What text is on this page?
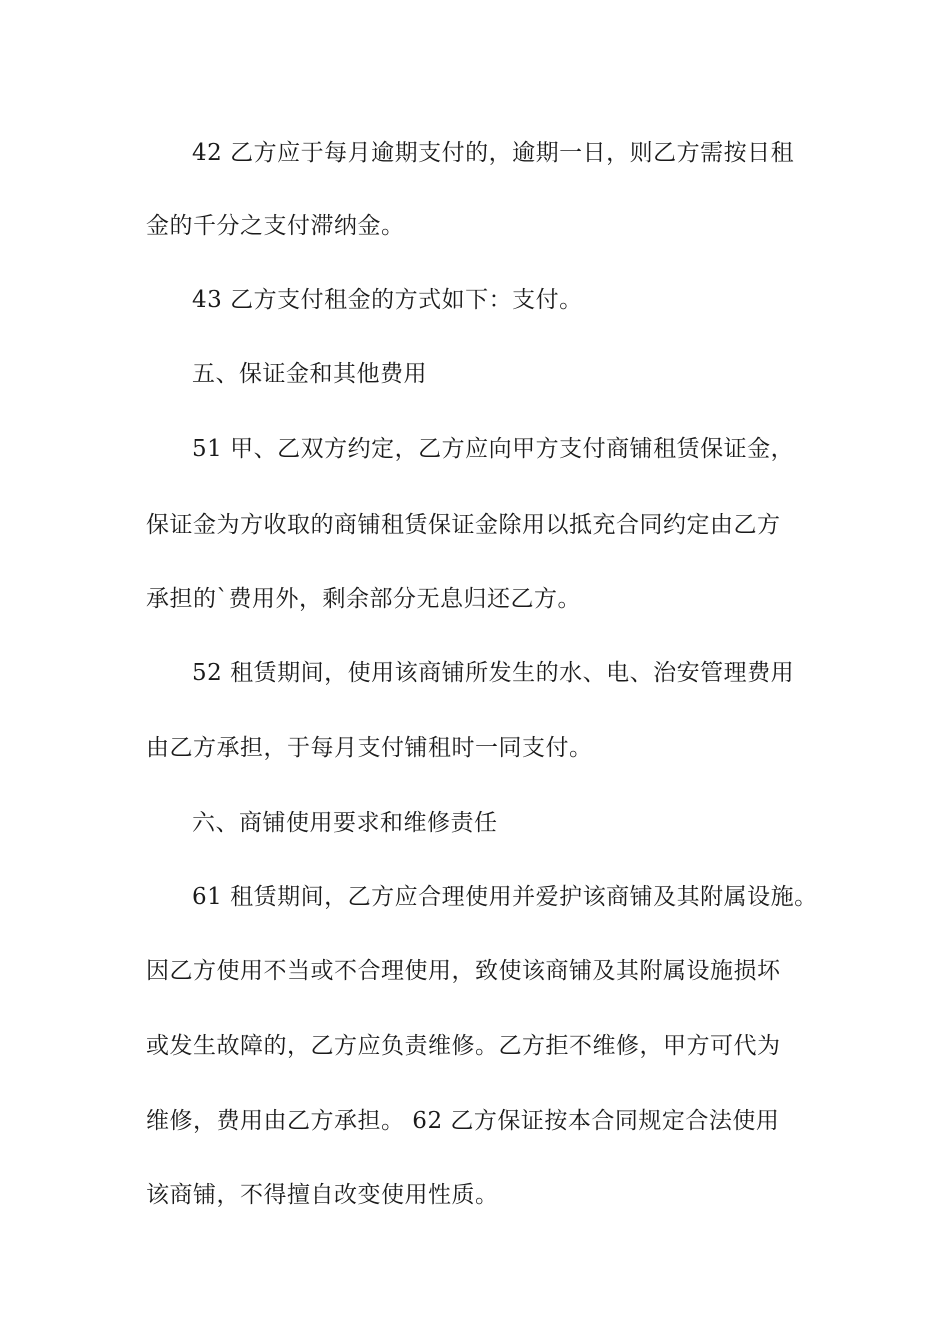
42 乙方应于每月逾期支付的，逾期一日，则乙方需按日租
金的千分之支付滞纳金。
43 乙方支付租金的方式如下：支付。
五、保证金和其他费用
51 甲、乙双方约定，乙方应向甲方支付商铺租赁保证金，
保证金为方收取的商铺租赁保证金除用以抵充合同约定由乙方
承担的`费用外，剩余部分无息归还乙方。
52 租赁期间，使用该商铺所发生的水、电、治安管理费用
由乙方承担，于每月支付铺租时一同支付。
六、商铺使用要求和维修责任
61 租赁期间，乙方应合理使用并爱护该商铺及其附属设施。
因乙方使用不当或不合理使用，致使该商铺及其附属设施损坏
或发生故障的，乙方应负责维修。乙方拒不维修，甲方可代为
维修，费用由乙方承担。 62 乙方保证按本合同规定合法使用
该商铺，不得擅自改变使用性质。
